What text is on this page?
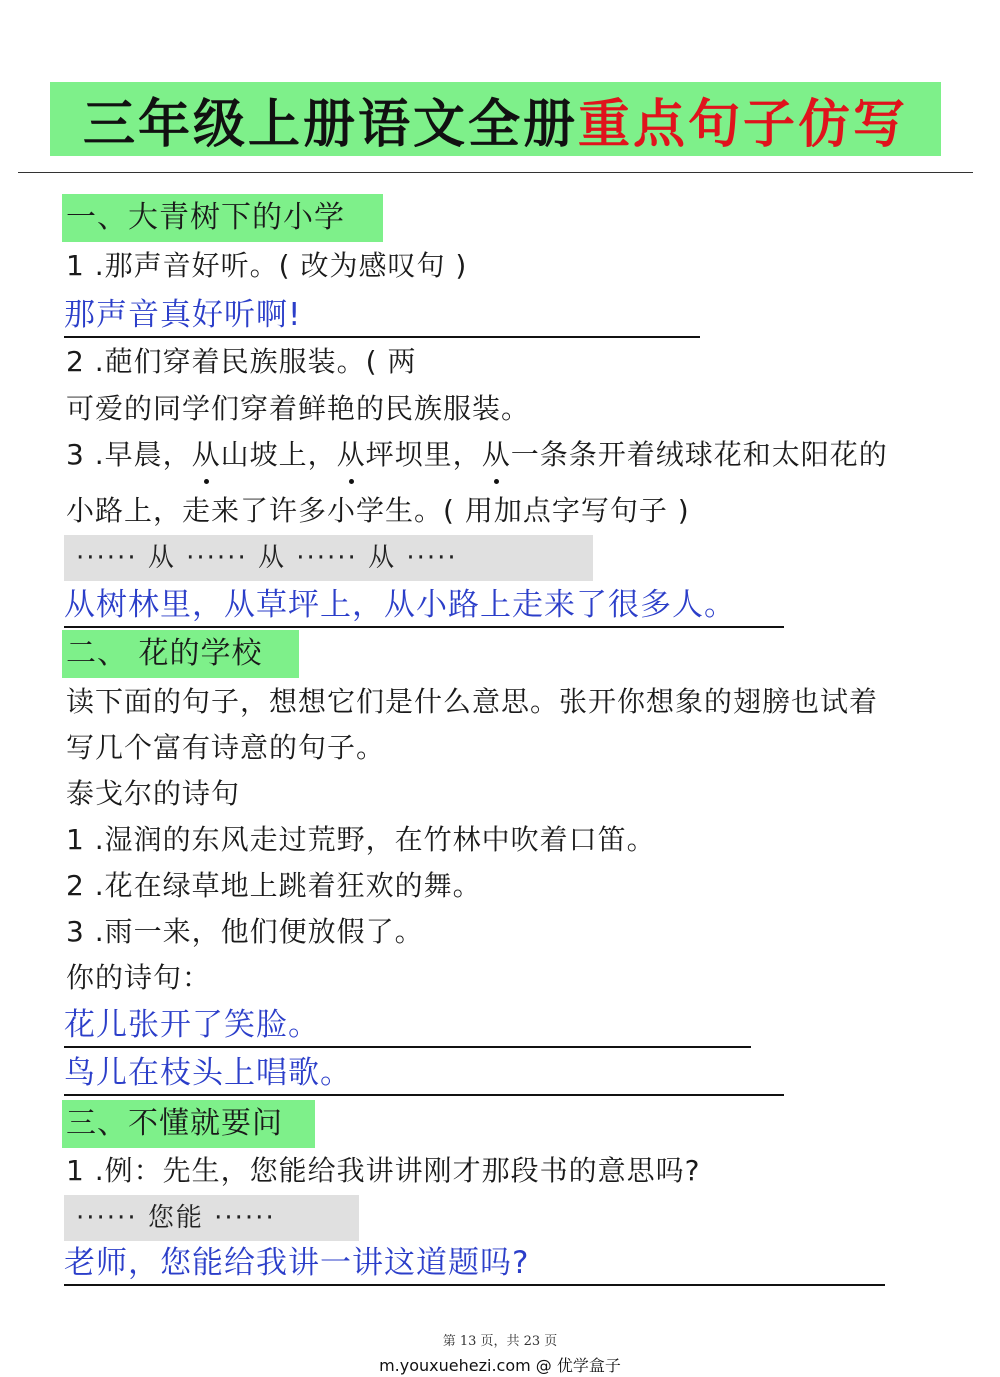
三年级上册语文全册 重点句子仿写
一、大青树下的小学
1 .那声音好听。( 改为感叹句 )
那声音真好听啊!
2 .葩们穿着民族服装。( 两
可爱的同学们穿着鲜艳的民族服装。
3 .早晨，从山坡上，从坪坝里，从一条条开着绒球花和太阳花的
小路上，走来了许多小学生。( 用加点字写句子 )
······ 从 ······ 从 ······ 从 ·····
从树林里，从草坪上，从小路上走来了很多人。
二、 花的学校
读下面的句子，想想它们是什么意思。张开你想象的翅膀也试着
写几个富有诗意的句子。
泰戈尔的诗句
1 .湿润的东风走过荒野，在竹林中吹着口笛。
2 .花在绿草地上跳着狂欢的舞。
3 .雨一来，他们便放假了。
你的诗句：
花儿张开了笑脸。
鸟儿在枝头上唱歌。
三、不懂就要问
1 .例：先生，您能给我讲讲刚才那段书的意思吗?
······ 您能 ······
老师，您能给我讲一讲这道题吗?
第 13 页，共 23 页
m.youxuehezi.com @ 优学盒子
